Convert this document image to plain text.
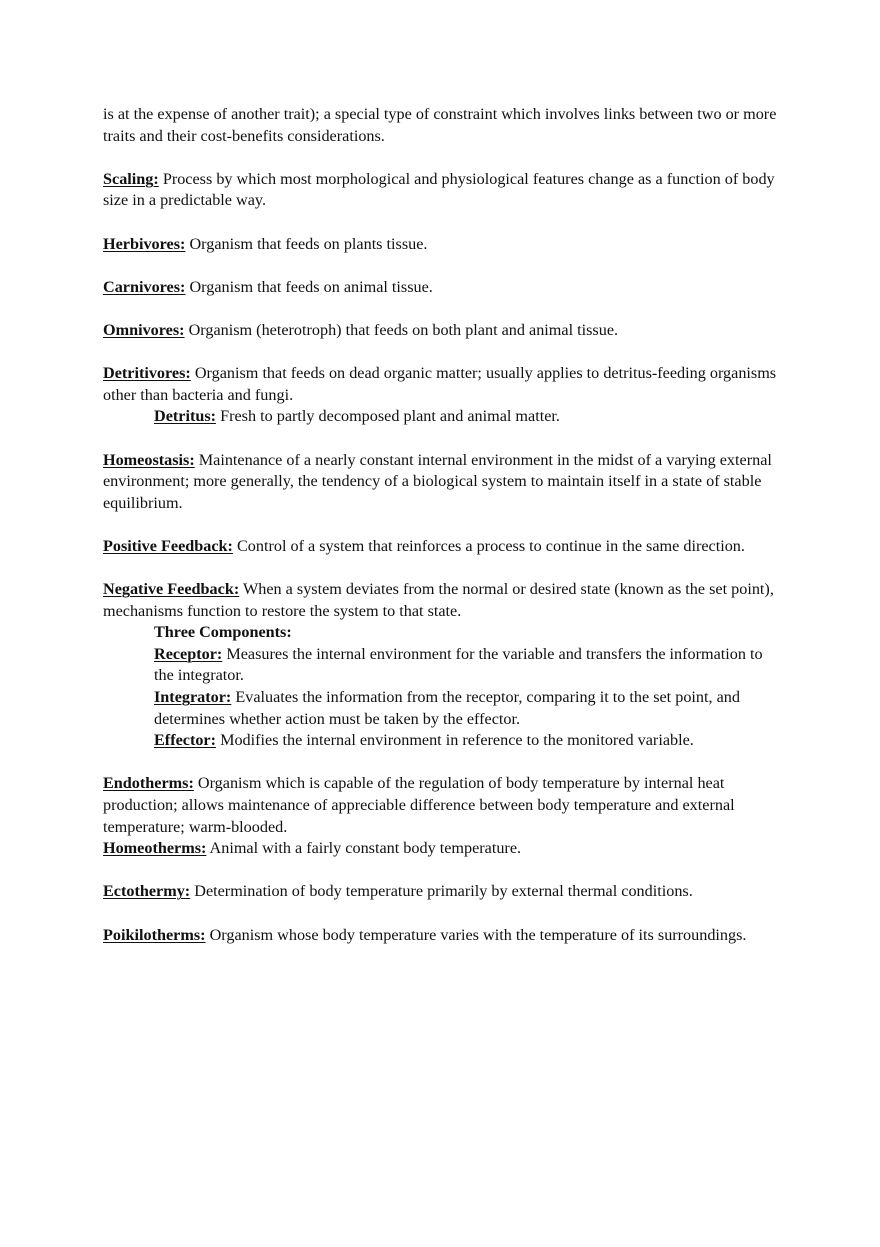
is at the expense of another trait); a special type of constraint which involves links between two or more traits and their cost-benefits considerations.

Scaling: Process by which most morphological and physiological features change as a function of body size in a predictable way.

Herbivores: Organism that feeds on plants tissue.

Carnivores: Organism that feeds on animal tissue.

Omnivores: Organism (heterotroph) that feeds on both plant and animal tissue.

Detritivores: Organism that feeds on dead organic matter; usually applies to detritus-feeding organisms other than bacteria and fungi.

Detritus: Fresh to partly decomposed plant and animal matter.

Homeostasis: Maintenance of a nearly constant internal environment in the midst of a varying external environment; more generally, the tendency of a biological system to maintain itself in a state of stable equilibrium.

Positive Feedback: Control of a system that reinforces a process to continue in the same direction.

Negative Feedback: When a system deviates from the normal or desired state (known as the set point), mechanisms function to restore the system to that state.

Three Components:

Receptor: Measures the internal environment for the variable and transfers the information to the integrator.

Integrator: Evaluates the information from the receptor, comparing it to the set point, and determines whether action must be taken by the effector.

Effector: Modifies the internal environment in reference to the monitored variable.

Endotherms: Organism which is capable of the regulation of body temperature by internal heat production; allows maintenance of appreciable difference between body temperature and external temperature; warm-blooded.

Homeotherms: Animal with a fairly constant body temperature.

Ectothermy: Determination of body temperature primarily by external thermal conditions.

Poikilotherms: Organism whose body temperature varies with the temperature of its surroundings.
